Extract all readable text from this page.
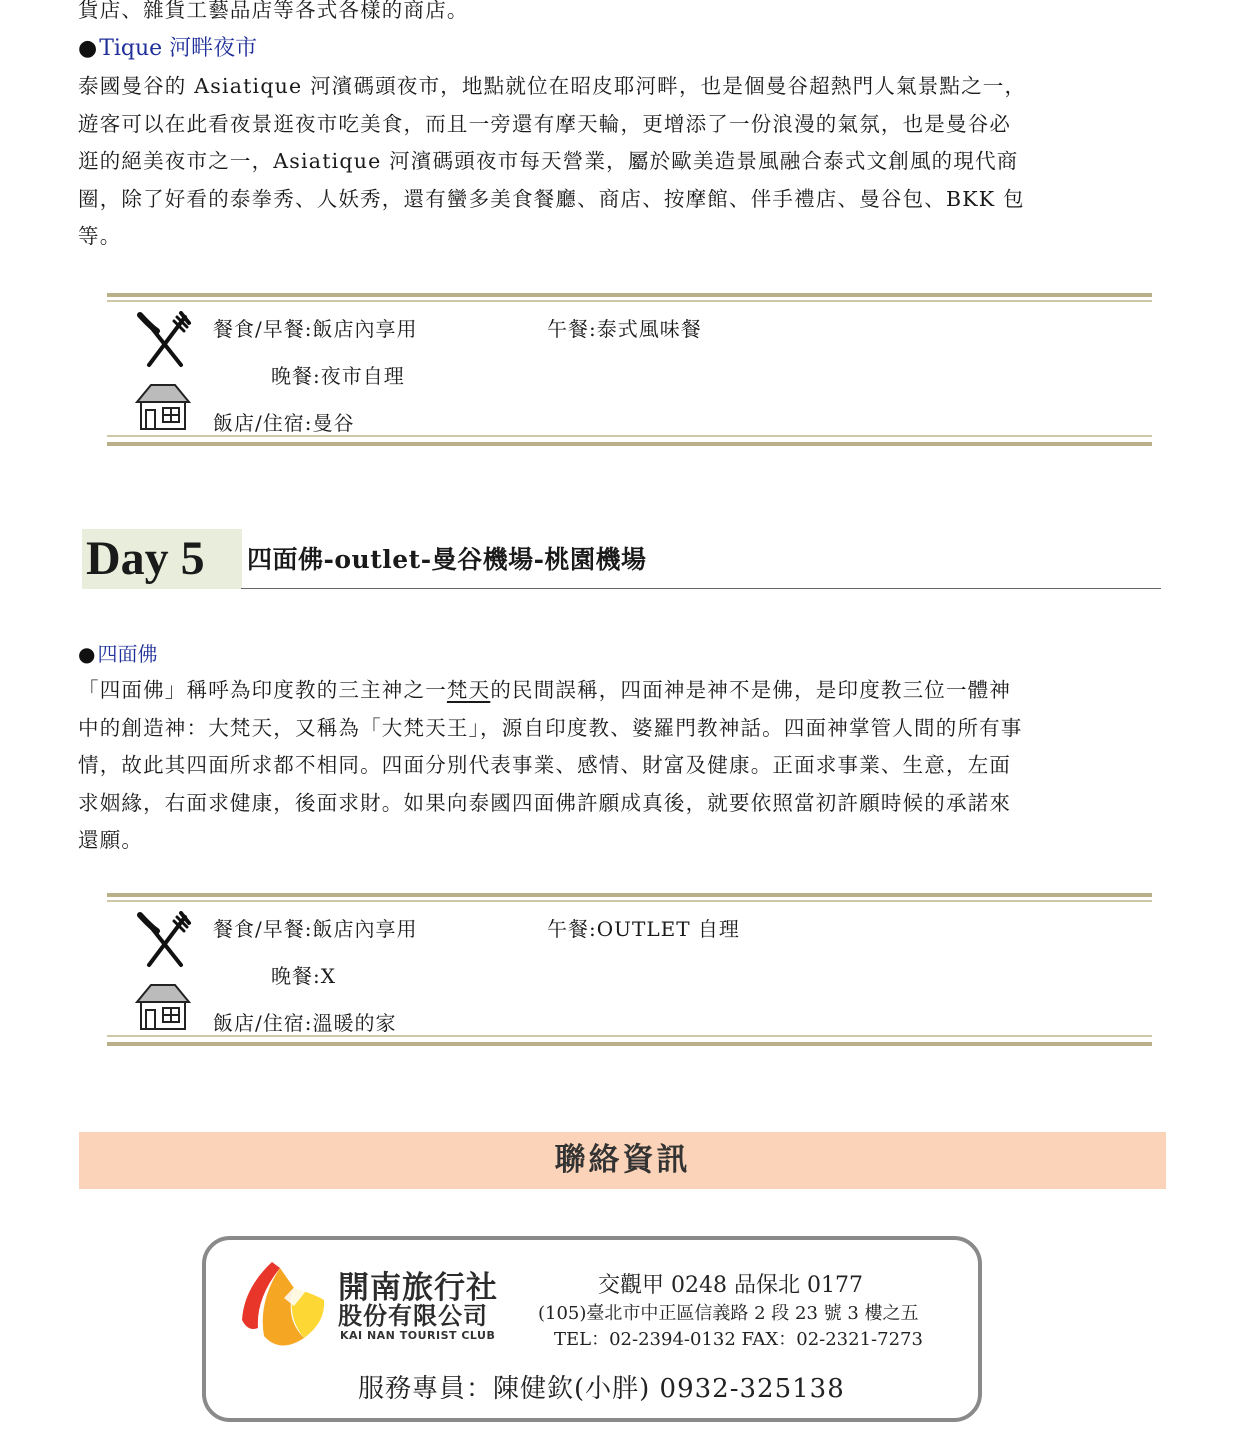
貨店、雜貨工藝品店等各式各樣的商店。
●Tique 河畔夜市

泰國曼谷的 Asiatique 河濱碼頭夜市，地點就位在昭皮耶河畔，也是個曼谷超熱門人氣景點之一，
遊客可以在此看夜景逛夜市吃美食，而且一旁還有摩天輪，更增添了一份浪漫的氣氛，也是曼谷必
逛的絕美夜市之一，Asiatique 河濱碼頭夜市每天營業，屬於歐美造景風融合泰式文創風的現代商
圈，除了好看的泰拳秀、人妖秀，還有蠻多美食餐廳、商店、按摩館、伴手禮店、曼谷包、BKK 包
等。

餐食/早餐:飯店內享用	午餐:泰式風味餐
晚餐:夜市自理
飯店/住宿:曼谷
Day 5	四面佛-outlet-曼谷機場-桃園機場
● 四面佛

「四面佛」稱呼為印度教的三主神之一梵天的民間誤稱，四面神是神不是佛，是印度教三位一體神
中的創造神：大梵天，又稱為「大梵天王」，源自印度教、婆羅門教神話。四面神掌管人間的所有事
情，故此其四面所求都不相同。四面分別代表事業、感情、財富及健康。正面求事業、生意，左面
求姻緣，右面求健康，後面求財。如果向泰國四面佛許願成真後，就要依照當初許願時候的承諾來
還願。

餐食/早餐:飯店內享用	午餐:OUTLET 自理
晚餐:X
飯店/住宿:溫暖的家
聯絡資訊
開南旅行社
股份有限公司
KAI NAN TOURIST CLUB
交觀甲 0248 品保北 0177
(105)臺北市中正區信義路 2 段 23 號 3 樓之五
TEL：02-2394-0132 FAX：02-2321-7273
服務專員：陳健欽(小胖) 0932-325138
